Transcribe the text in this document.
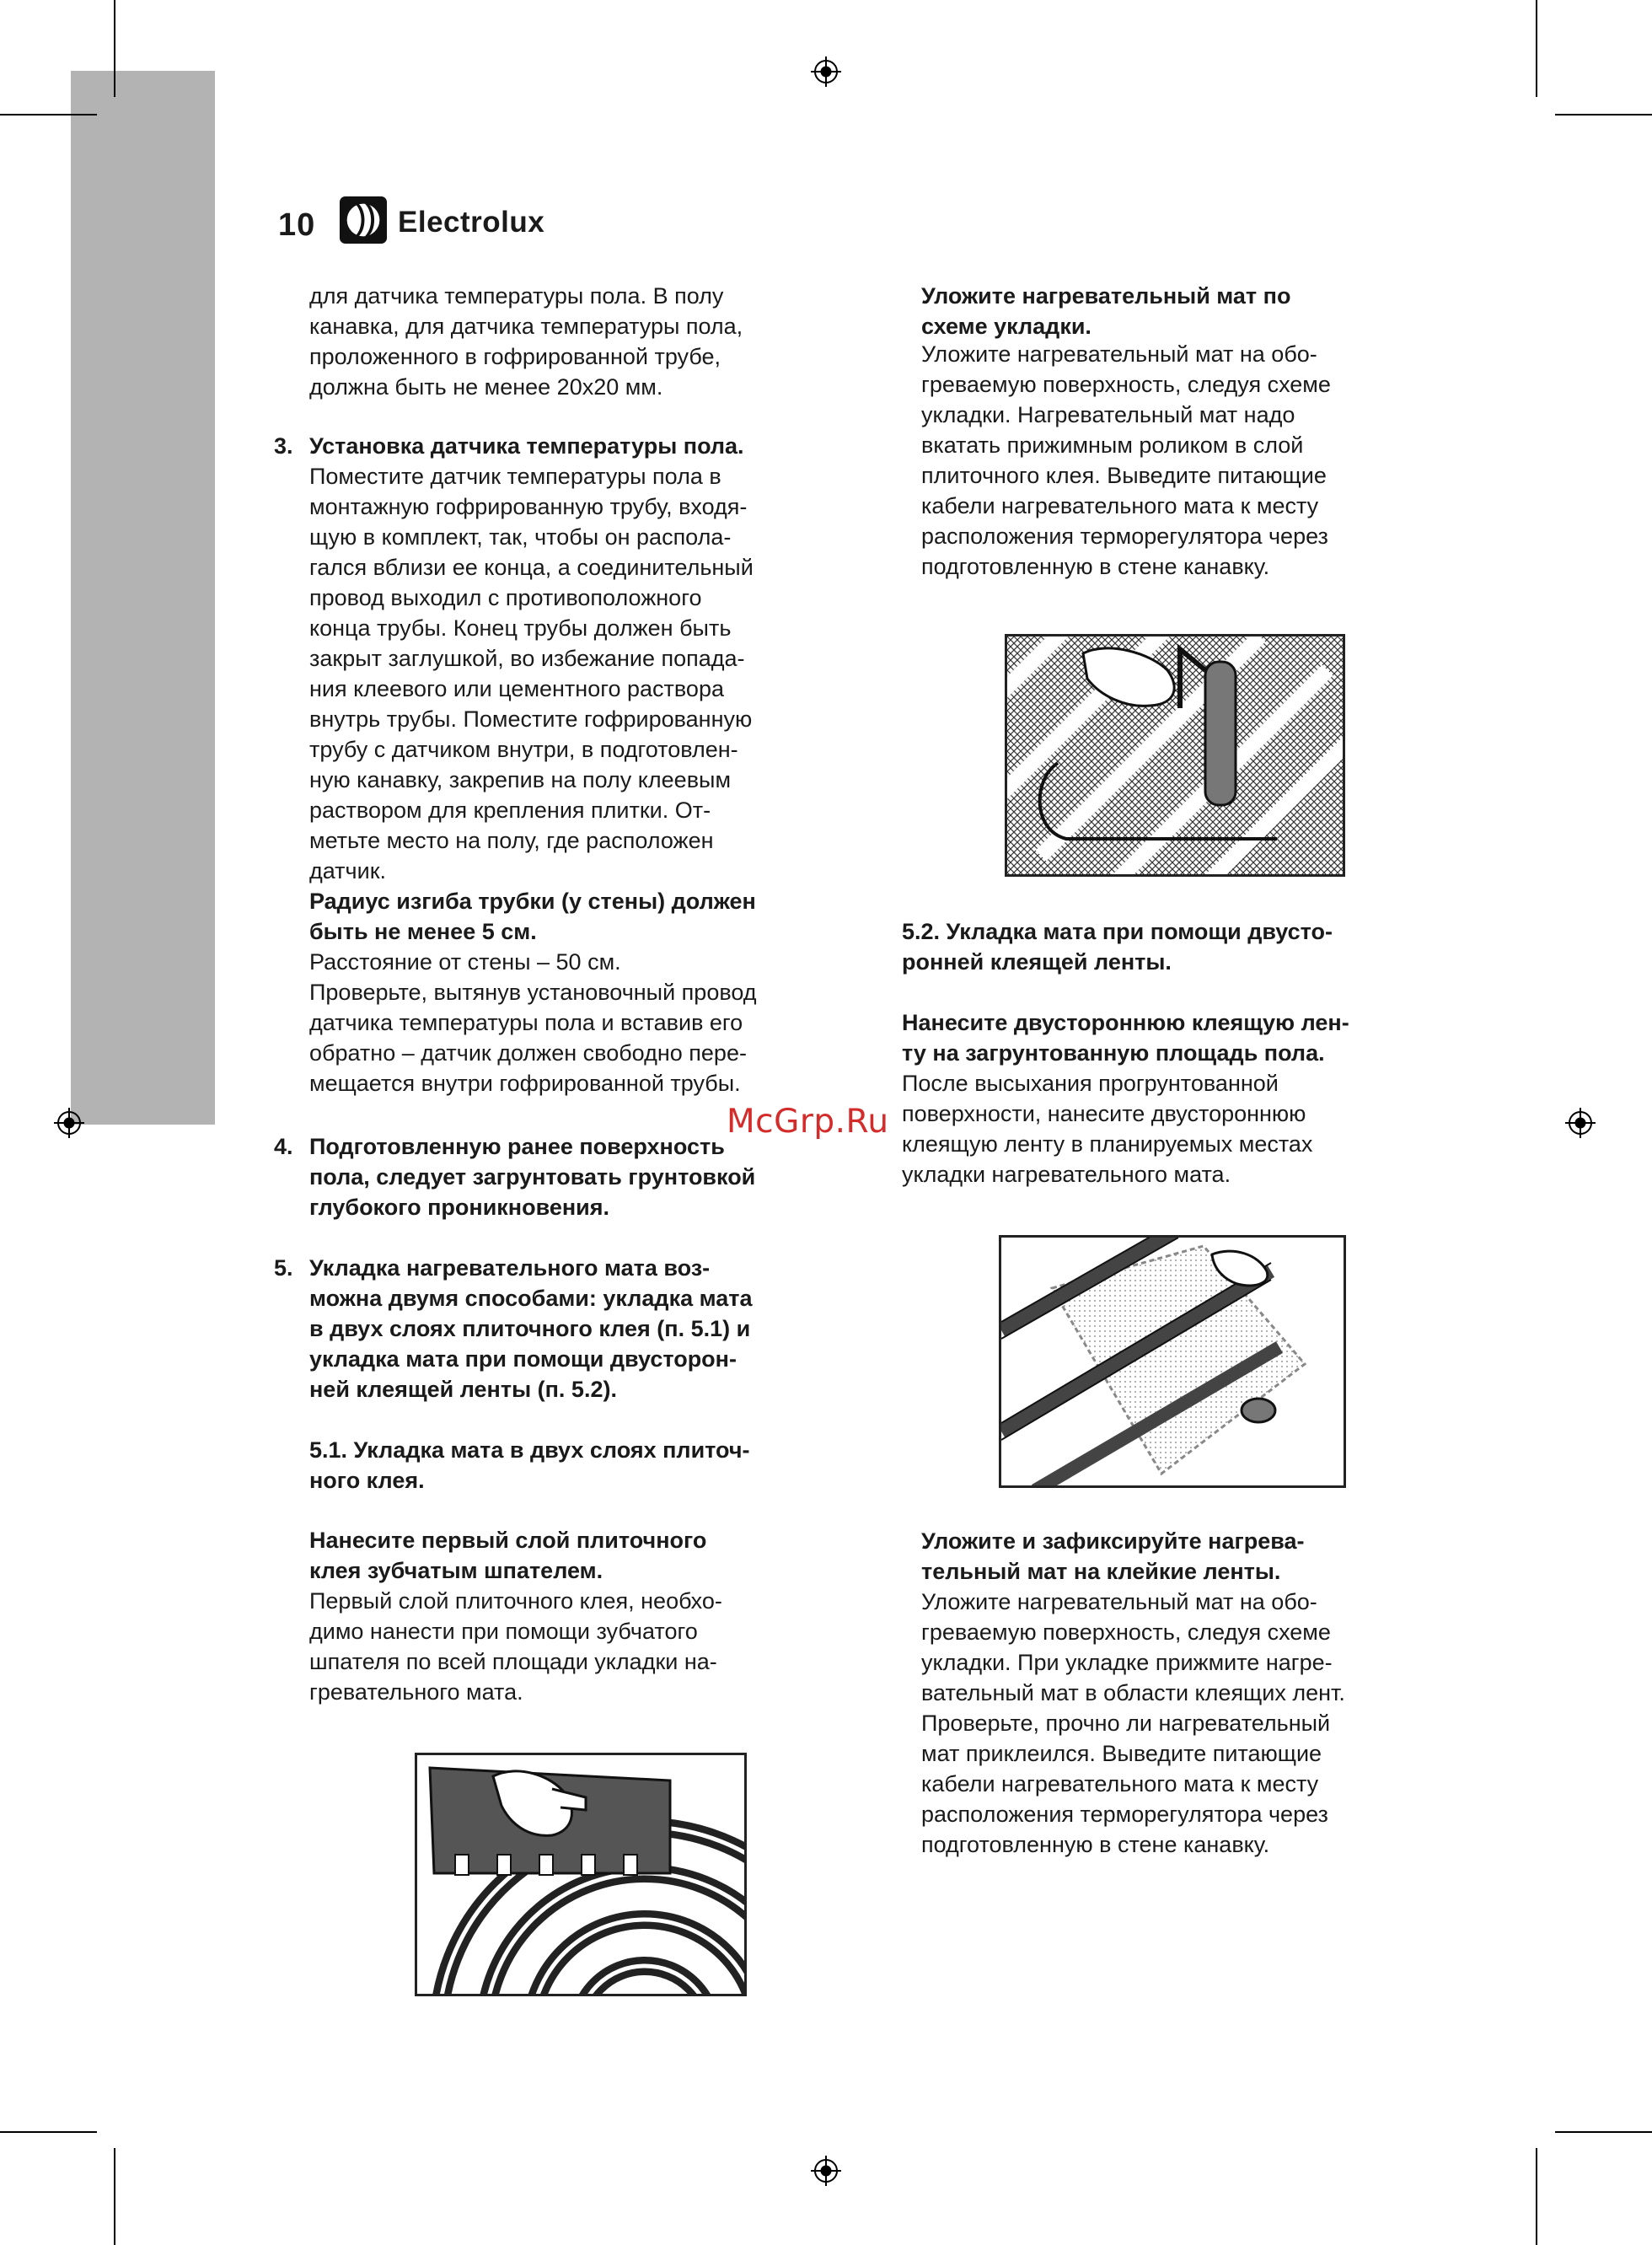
10	Electrolux
для датчика температуры пола. В полу
канавка, для датчика температуры пола,
проложенного в гофрированной трубе,
должна быть не менее 20х20 мм.
3. Установка датчика температуры пола.
Поместите датчик температуры пола в
монтажную гофрированную трубу, входя-
щую в комплект, так, чтобы он распола-
гался вблизи ее конца, а соединительный
провод выходил с противоположного
конца трубы. Конец трубы должен быть
закрыт заглушкой, во избежание попада-
ния клеевого или цементного раствора
внутрь трубы. Поместите гофрированную
трубу с датчиком внутри, в подготовлен-
ную канавку, закрепив на полу клеевым
раствором для крепления плитки. От-
метьте место на полу, где расположен
датчик.
Радиус изгиба трубки (у стены) должен
быть не менее 5 см.
Расстояние от стены – 50 см.
Проверьте, вытянув установочный провод
датчика температуры пола и вставив его
обратно – датчик должен свободно пере-
мещается внутри гофрированной трубы.
4. Подготовленную ранее поверхность
пола, следует загрунтовать грунтовкой
глубокого проникновения.
5. Укладка нагревательного мата воз-
можна двумя способами: укладка мата
в двух слоях плиточного клея (п. 5.1) и
укладка мата при помощи двусторон-
ней клеящей ленты (п. 5.2).
5.1. Укладка мата в двух слоях плиточ-
ного клея.
Нанесите первый слой плиточного
клея зубчатым шпателем.
Первый слой плиточного клея, необхо-
димо нанести при помощи зубчатого
шпателя по всей площади укладки на-
гревательного мата.
Уложите нагревательный мат по
схеме укладки.
Уложите нагревательный мат на обо-
греваемую поверхность, следуя схеме
укладки. Нагревательный мат надо
вкатать прижимным роликом в слой
плиточного клея. Выведите питающие
кабели нагревательного мата к месту
расположения терморегулятора через
подготовленную в стене канавку.
5.2. Укладка мата при помощи двусто-
ронней клеящей ленты.
Нанесите двустороннюю клеящую лен-
ту на загрунтованную площадь пола.
После высыхания прогрунтованной
поверхности, нанесите двустороннюю
клеящую ленту в планируемых местах
укладки нагревательного мата.
Уложите и зафиксируйте нагрева-
тельный мат на клейкие ленты.
Уложите нагревательный мат на обо-
греваемую поверхность, следуя схеме
укладки. При укладке прижмите нагре-
вательный мат в области клеящих лент.
Проверьте, прочно ли нагревательный
мат приклеился. Выведите питающие
кабели нагревательного мата к месту
расположения терморегулятора через
подготовленную в стене канавку.
McGrp.Ru
